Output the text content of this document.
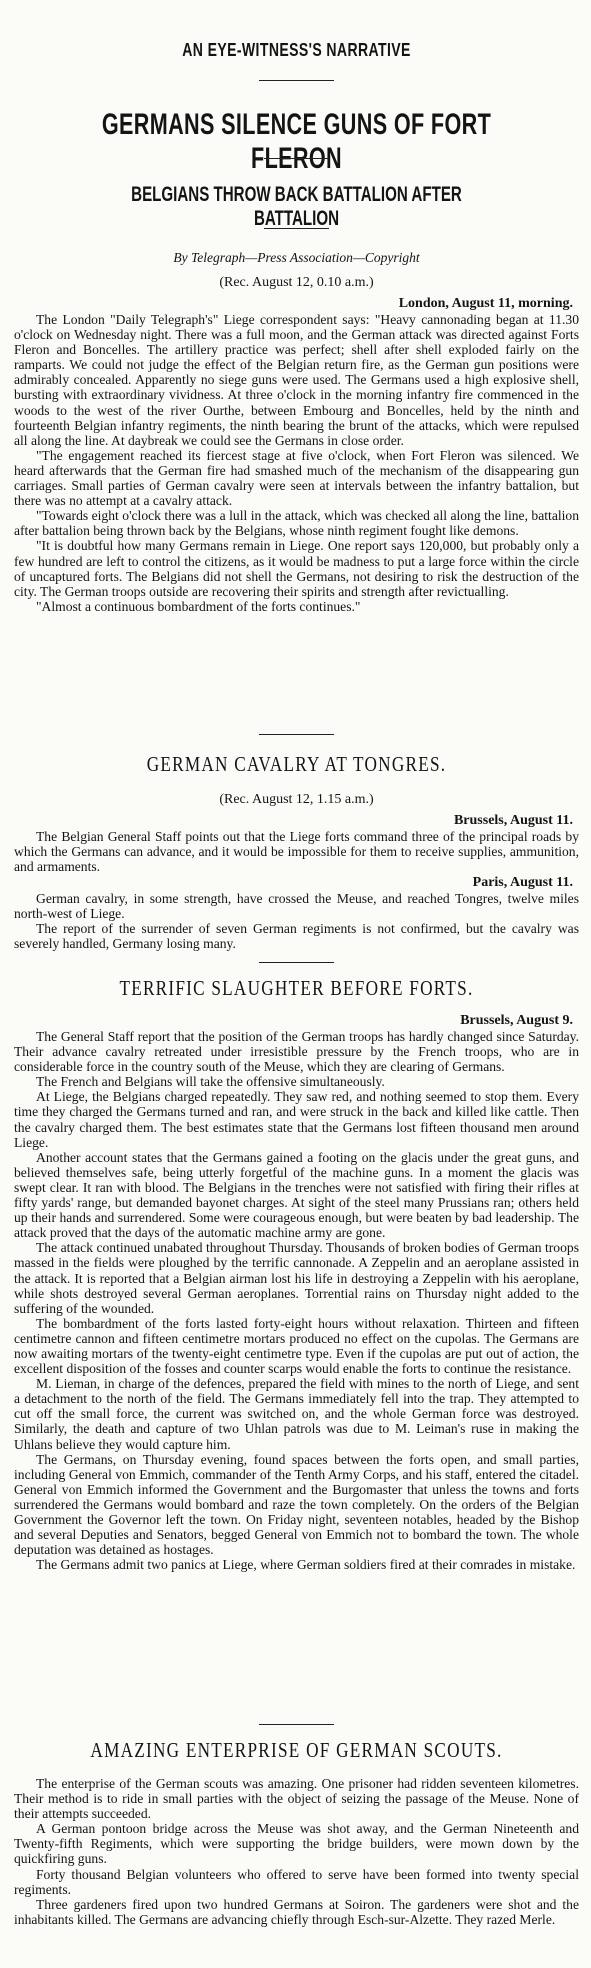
AN EYE-WITNESS'S NARRATIVE
GERMANS SILENCE GUNS OF FORT FLERON
BELGIANS THROW BACK BATTALION AFTER BATTALION
By Telegraph—Press Association—Copyright
(Rec. August 12, 0.10 a.m.)
London, August 11, morning.

The London "Daily Telegraph's" Liege correspondent says: "Heavy cannonading began at 11.30 o'clock on Wednesday night. There was a full moon, and the German attack was directed against Forts Fleron and Boncelles. The artillery practice was perfect; shell after shell exploded fairly on the ramparts. We could not judge the effect of the Belgian return fire, as the German gun positions were admirably concealed. Apparently no siege guns were used. The Germans used a high explosive shell, bursting with extraordinary vividness. At three o'clock in the morning infantry fire commenced in the woods to the west of the river Ourthe, between Embourg and Boncelles, held by the ninth and fourteenth Belgian infantry regiments, the ninth bearing the brunt of the attacks, which were repulsed all along the line. At daybreak we could see the Germans in close order.

"The engagement reached its fiercest stage at five o'clock, when Fort Fleron was silenced. We heard afterwards that the German fire had smashed much of the mechanism of the disappearing gun carriages. Small parties of German cavalry were seen at intervals between the infantry battalion, but there was no attempt at a cavalry attack.

"Towards eight o'clock there was a lull in the attack, which was checked all along the line, battalion after battalion being thrown back by the Belgians, whose ninth regiment fought like demons.

"It is doubtful how many Germans remain in Liege. One report says 120,000, but probably only a few hundred are left to control the citizens, as it would be madness to put a large force within the circle of uncaptured forts. The Belgians did not shell the Germans, not desiring to risk the destruction of the city. The German troops outside are recovering their spirits and strength after revictualling.

"Almost a continuous bombardment of the forts continues."

GERMAN CAVALRY AT TONGRES.
(Rec. August 12, 1.15 a.m.)
Brussels, August 11.

The Belgian General Staff points out that the Liege forts command three of the principal roads by which the Germans can advance, and it would be impossible for them to receive supplies, ammunition, and armaments.

Paris, August 11.

German cavalry, in some strength, have crossed the Meuse, and reached Tongres, twelve miles north-west of Liege.

The report of the surrender of seven German regiments is not confirmed, but the cavalry was severely handled, Germany losing many.

TERRIFIC SLAUGHTER BEFORE FORTS.
Brussels, August 9.

The General Staff report that the position of the German troops has hardly changed since Saturday. Their advance cavalry retreated under irresistible pressure by the French troops, who are in considerable force in the country south of the Meuse, which they are clearing of Germans.

The French and Belgians will take the offensive simultaneously.

At Liege, the Belgians charged repeatedly. They saw red, and nothing seemed to stop them. Every time they charged the Germans turned and ran, and were struck in the back and killed like cattle. Then the cavalry charged them. The best estimates state that the Germans lost fifteen thousand men around Liege.

Another account states that the Germans gained a footing on the glacis under the great guns, and believed themselves safe, being utterly forgetful of the machine guns. In a moment the glacis was swept clear. It ran with blood. The Belgians in the trenches were not satisfied with firing their rifles at fifty yards' range, but demanded bayonet charges. At sight of the steel many Prussians ran; others held up their hands and surrendered. Some were courageous enough, but were beaten by bad leadership. The attack proved that the days of the automatic machine army are gone.

The attack continued unabated throughout Thursday. Thousands of broken bodies of German troops massed in the fields were ploughed by the terrific cannonade. A Zeppelin and an aeroplane assisted in the attack. It is reported that a Belgian airman lost his life in destroying a Zeppelin with his aeroplane, while shots destroyed several German aeroplanes. Torrential rains on Thursday night added to the suffering of the wounded.

The bombardment of the forts lasted forty-eight hours without relaxation. Thirteen and fifteen centimetre cannon and fifteen centimetre mortars produced no effect on the cupolas. The Germans are now awaiting mortars of the twenty-eight centimetre type. Even if the cupolas are put out of action, the excellent disposition of the fosses and counter scarps would enable the forts to continue the resistance.

M. Lieman, in charge of the defences, prepared the field with mines to the north of Liege, and sent a detachment to the north of the field. The Germans immediately fell into the trap. They attempted to cut off the small force, the current was switched on, and the whole German force was destroyed. Similarly, the death and capture of two Uhlan patrols was due to M. Leiman's ruse in making the Uhlans believe they would capture him.

The Germans, on Thursday evening, found spaces between the forts open, and small parties, including General von Emmich, commander of the Tenth Army Corps, and his staff, entered the citadel. General von Emmich informed the Government and the Burgomaster that unless the towns and forts surrendered the Germans would bombard and raze the town completely. On the orders of the Belgian Government the Governor left the town. On Friday night, seventeen notables, headed by the Bishop and several Deputies and Senators, begged General von Emmich not to bombard the town. The whole deputation was detained as hostages.

The Germans admit two panics at Liege, where German soldiers fired at their comrades in mistake.

AMAZING ENTERPRISE OF GERMAN SCOUTS.

The enterprise of the German scouts was amazing. One prisoner had ridden seventeen kilometres. Their method is to ride in small parties with the object of seizing the passage of the Meuse. None of their attempts succeeded.

A German pontoon bridge across the Meuse was shot away, and the German Nineteenth and Twenty-fifth Regiments, which were supporting the bridge builders, were mown down by the quickfiring guns.

Forty thousand Belgian volunteers who offered to serve have been formed into twenty special regiments.

Three gardeners fired upon two hundred Germans at Soiron. The gardeners were shot and the inhabitants killed. The Germans are advancing chiefly through Esch-sur-Alzette. They razed Merle.
